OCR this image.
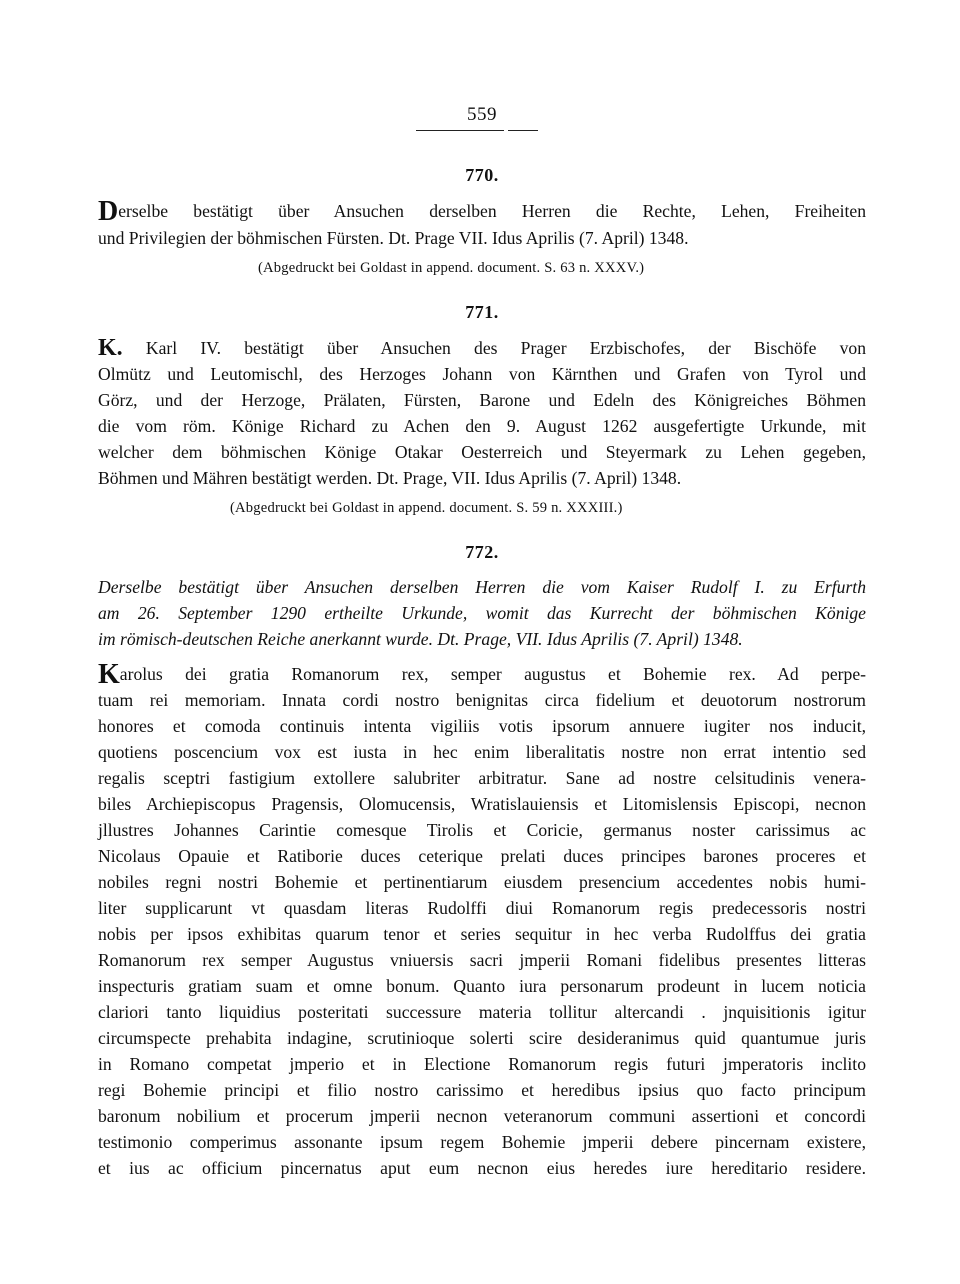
559
770.
Derselbe bestätigt über Ansuchen derselben Herren die Rechte, Lehen, Freiheiten
und Privilegien der böhmischen Fürsten. Dt. Prage VII. Idus Aprilis (7. April) 1348.
(Abgedruckt bei Goldast in append. document. S. 63 n. XXXV.)
771.
K. Karl IV. bestätigt über Ansuchen des Prager Erzbischofes, der Bischöfe von
Olmütz und Leutomischl, des Herzoges Johann von Kärnthen und Grafen von Tyrol und
Görz, und der Herzoge, Prälaten, Fürsten, Barone und Edeln des Königreiches Böhmen
die vom röm. Könige Richard zu Achen den 9. August 1262 ausgefertigte Urkunde, mit
welcher dem böhmischen Könige Otakar Oesterreich und Steyermark zu Lehen gegeben,
Böhmen und Mähren bestätigt werden. Dt. Prage, VII. Idus Aprilis (7. April) 1348.
(Abgedruckt bei Goldast in append. document. S. 59 n. XXXIII.)
772.
Derselbe bestätigt über Ansuchen derselben Herren die vom Kaiser Rudolf I. zu Erfurth
am 26. September 1290 ertheilte Urkunde, womit das Kurrecht der böhmischen Könige
im römisch-deutschen Reiche anerkannt wurde. Dt. Prage, VII. Idus Aprilis (7. April) 1348.
Karolus dei gratia Romanorum rex, semper augustus et Bohemie rex. Ad perpe-
tuam rei memoriam. Innata cordi nostro benignitas circa fidelium et deuotorum nostrorum
honores et comoda continuis intenta vigiliis votis ipsorum annuere iugiter nos inducit,
quotiens poscencium vox est iusta in hec enim liberalitatis nostre non errat intentio sed
regalis sceptri fastigium extollere salubriter arbitratur. Sane ad nostre celsitudinis venera-
biles Archiepiscopus Pragensis, Olomucensis, Wratislauiensis et Litomislensis Episcopi, necnon
jllustres Johannes Carintie comesque Tirolis et Coricie, germanus noster carissimus ac
Nicolaus Opauie et Ratiborie duces ceterique prelati duces principes barones proceres et
nobiles regni nostri Bohemie et pertinentiarum eiusdem presencium accedentes nobis humi-
liter supplicarunt vt quasdam literas Rudolffi diui Romanorum regis predecessoris nostri
nobis per ipsos exhibitas quarum tenor et series sequitur in hec verba Rudolffus dei gratia
Romanorum rex semper Augustus vniuersis sacri jmperii Romani fidelibus presentes litteras
inspecturis gratiam suam et omne bonum. Quanto iura personarum prodeunt in lucem noticia
clariori tanto liquidius posteritati successure materia tollitur altercandi . jnquisitionis igitur
circumspecte prehabita indagine, scrutinioque solerti scire desideranimus quid quantumue juris
in Romano competat jmperio et in Electione Romanorum regis futuri jmperatoris inclito
regi Bohemie principi et filio nostro carissimo et heredibus ipsius quo facto principum
baronum nobilium et procerum jmperii necnon veteranorum communi assertioni et concordi
testimonio comperimus assonante ipsum regem Bohemie jmperii debere pincernam existere,
et ius ac officium pincernatus aput eum necnon eius heredes iure hereditario residere.
